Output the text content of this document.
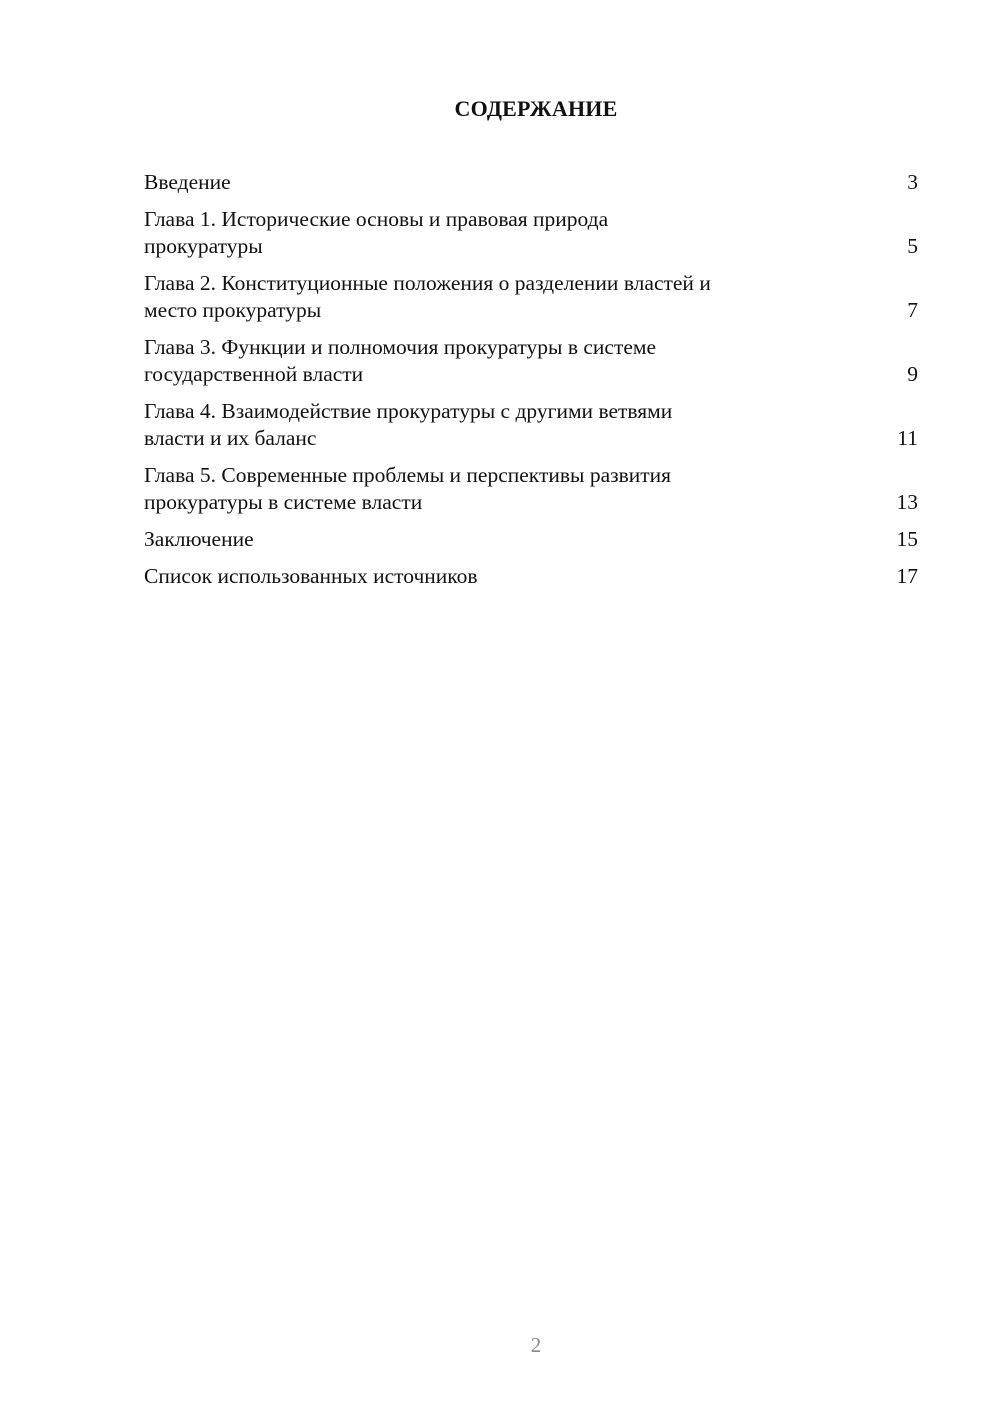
СОДЕРЖАНИЕ
Введение	3
Глава 1. Исторические основы и правовая природа
прокуратуры	5
Глава 2. Конституционные положения о разделении властей и
место прокуратуры	7
Глава 3. Функции и полномочия прокуратуры в системе
государственной власти	9
Глава 4. Взаимодействие прокуратуры с другими ветвями
власти и их баланс	11
Глава 5. Современные проблемы и перспективы развития
прокуратуры в системе власти	13
Заключение	15
Список использованных источников	17
2
